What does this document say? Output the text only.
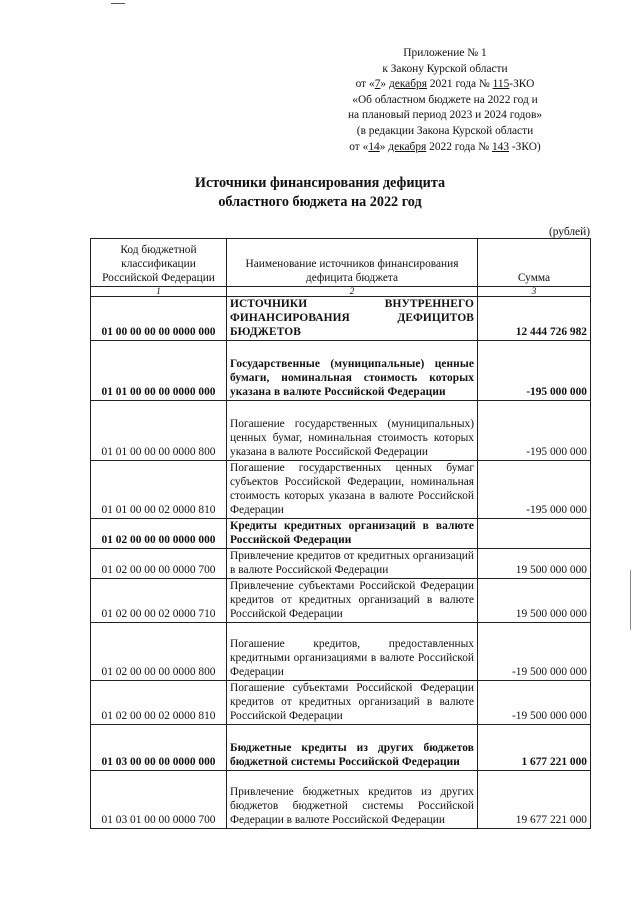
Приложение № 1
к Закону Курской области
от «7» декабря 2021 года № 115-ЗКО
«Об областном бюджете на 2022 год и
на плановый период 2023 и 2024 годов»
(в редакции Закона Курской области
от «14» декабря 2022 года № 143 -ЗКО)
Источники финансирования дефицита
областного бюджета на 2022 год
(рублей)
Код бюджетной классификации Российской Федерации	Наименование источников финансирования дефицита бюджета	Сумма
1	2	3
01 00 00 00 00 0000 000	ИСТОЧНИКИ ВНУТРЕННЕГО ФИНАНСИРОВАНИЯ ДЕФИЦИТОВ БЮДЖЕТОВ	12 444 726 982
01 01 00 00 00 0000 000	Государственные (муниципальные) ценные бумаги, номинальная стоимость которых указана в валюте Российской Федерации	-195 000 000
01 01 00 00 00 0000 800	Погашение государственных (муниципальных) ценных бумаг, номинальная стоимость которых указана в валюте Российской Федерации	-195 000 000
01 01 00 00 02 0000 810	Погашение государственных ценных бумаг субъектов Российской Федерации, номинальная стоимость которых указана в валюте Российской Федерации	-195 000 000
01 02 00 00 00 0000 000	Кредиты кредитных организаций в валюте Российской Федерации	
01 02 00 00 00 0000 700	Привлечение кредитов от кредитных организаций в валюте Российской Федерации	19 500 000 000
01 02 00 00 02 0000 710	Привлечение субъектами Российской Федерации кредитов от кредитных организаций в валюте Российской Федерации	19 500 000 000
01 02 00 00 00 0000 800	Погашение кредитов, предоставленных кредитными организациями в валюте Российской Федерации	-19 500 000 000
01 02 00 00 02 0000 810	Погашение субъектами Российской Федерации кредитов от кредитных организаций в валюте Российской Федерации	-19 500 000 000
01 03 00 00 00 0000 000	Бюджетные кредиты из других бюджетов бюджетной системы Российской Федерации	1 677 221 000
01 03 01 00 00 0000 700	Привлечение бюджетных кредитов из других бюджетов бюджетной системы Российской Федерации в валюте Российской Федерации	19 677 221 000
